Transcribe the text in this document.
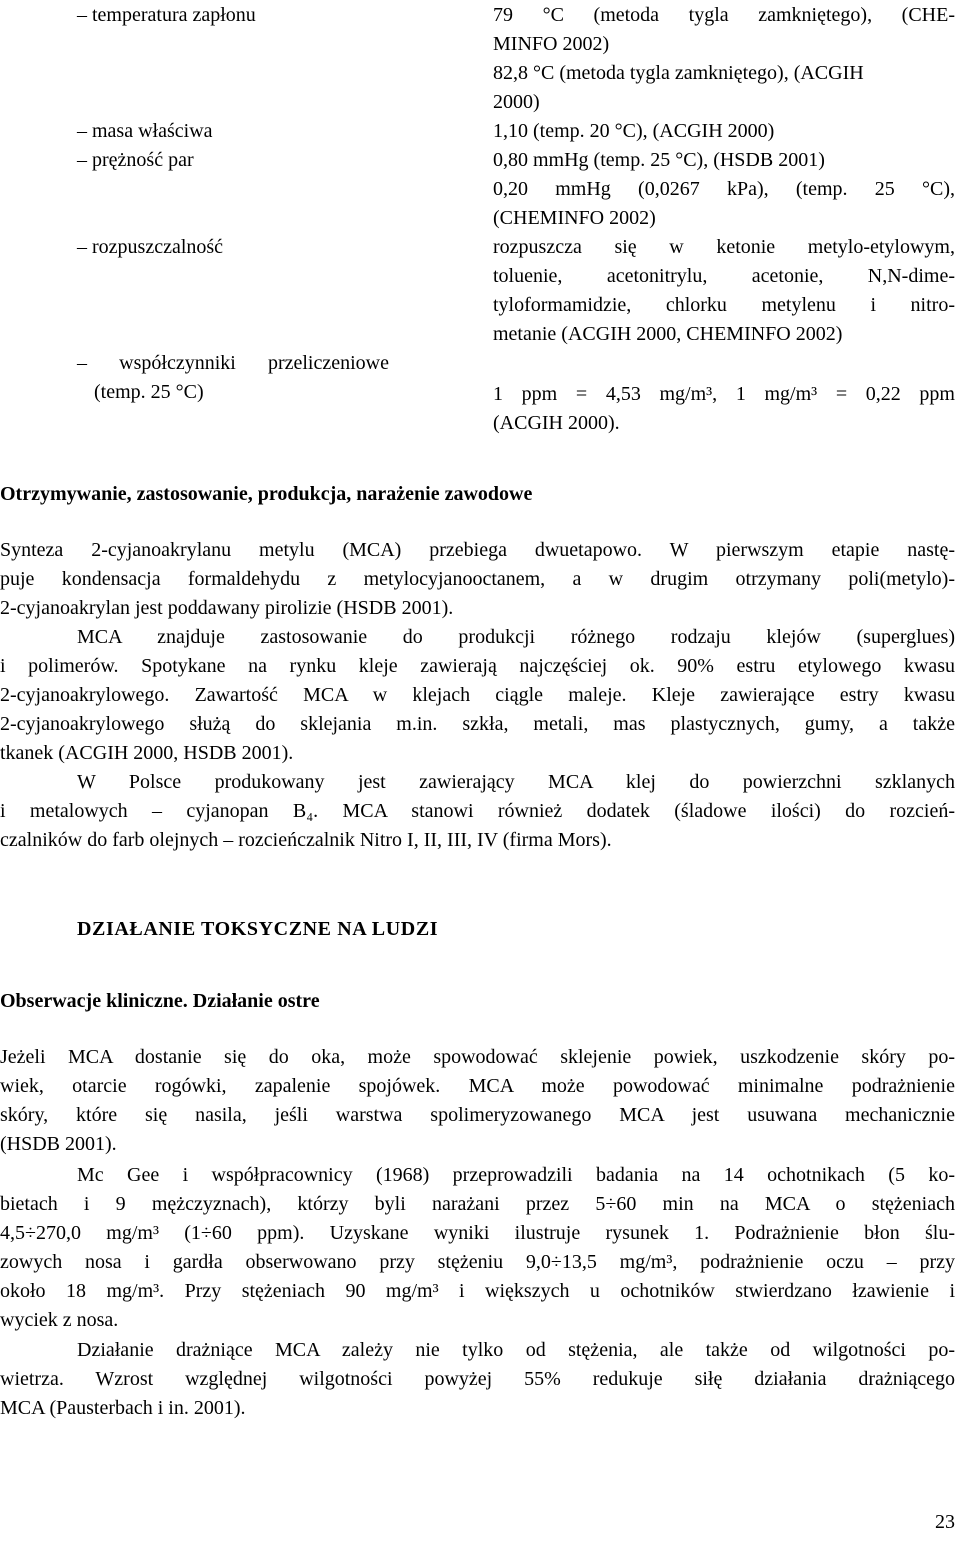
– temperatura zapłonu	79 °C (metoda tygla zamkniętego), (CHE-
MINFO 2002)
82,8 °C (metoda tygla zamkniętego), (ACGIH
2000)
– masa właściwa	1,10 (temp. 20 °C), (ACGIH 2000)
– prężność par	0,80 mmHg (temp. 25 °C), (HSDB 2001)
0,20 mmHg (0,0267 kPa), (temp. 25 °C),
(CHEMINFO 2002)
– rozpuszczalność	rozpuszcza się w ketonie metylo-etylowym,
toluenie, acetonitrylu, acetonie, N,N-dime-
tyloformamidzie, chlorku metylenu i nitro-
metanie (ACGIH 2000, CHEMINFO 2002)
– współczynniki przeliczeniowe
(temp. 25 °C)	1 ppm = 4,53 mg/m³, 1 mg/m³ = 0,22 ppm
(ACGIH 2000).
Otrzymywanie, zastosowanie, produkcja, narażenie zawodowe
Synteza 2-cyjanoakrylanu metylu (MCA) przebiega dwuetapowo. W pierwszym etapie nastę-
puje kondensacja formaldehydu z metylocyjanooctanem, a w drugim otrzymany poli(metylo)-
2-cyjanoakrylan jest poddawany pirolizie (HSDB 2001).
MCA znajduje zastosowanie do produkcji różnego rodzaju klejów (superglues)
i polimerów. Spotykane na rynku kleje zawierają najczęściej ok. 90% estru etylowego kwasu
2-cyjanoakrylowego. Zawartość MCA w klejach ciągle maleje. Kleje zawierające estry kwasu
2-cyjanoakrylowego służą do sklejania m.in. szkła, metali, mas plastycznych, gumy, a także
tkanek (ACGIH 2000, HSDB 2001).
W Polsce produkowany jest zawierający MCA klej do powierzchni szklanych
i metalowych – cyjanopan B₄. MCA stanowi również dodatek (śladowe ilości) do rozcień-
czalników do farb olejnych – rozcieńczalnik Nitro I, II, III, IV (firma Mors).
DZIAŁANIE TOKSYCZNE NA LUDZI
Obserwacje kliniczne. Działanie ostre
Jeżeli MCA dostanie się do oka, może spowodować sklejenie powiek, uszkodzenie skóry po-
wiek, otarcie rogówki, zapalenie spojówek. MCA może powodować minimalne podrażnienie
skóry, które się nasila, jeśli warstwa spolimeryzowanego MCA jest usuwana mechanicznie
(HSDB 2001).
Mc Gee i współpracownicy (1968) przeprowadzili badania na 14 ochotnikach (5 ko-
bietach i 9 mężczyznach), którzy byli narażani przez 5÷60 min na MCA o stężeniach
4,5÷270,0 mg/m³ (1÷60 ppm). Uzyskane wyniki ilustruje rysunek 1. Podrażnienie błon ślu-
zowych nosa i gardła obserwowano przy stężeniu 9,0÷13,5 mg/m³, podrażnienie oczu – przy
około 18 mg/m³. Przy stężeniach 90 mg/m³ i większych u ochotników stwierdzano łzawienie i
wyciek z nosa.
Działanie drażniące MCA zależy nie tylko od stężenia, ale także od wilgotności po-
wietrza. Wzrost względnej wilgotności powyżej 55% redukuje siłę działania drażniącego
MCA (Pausterbach i in. 2001).
23
